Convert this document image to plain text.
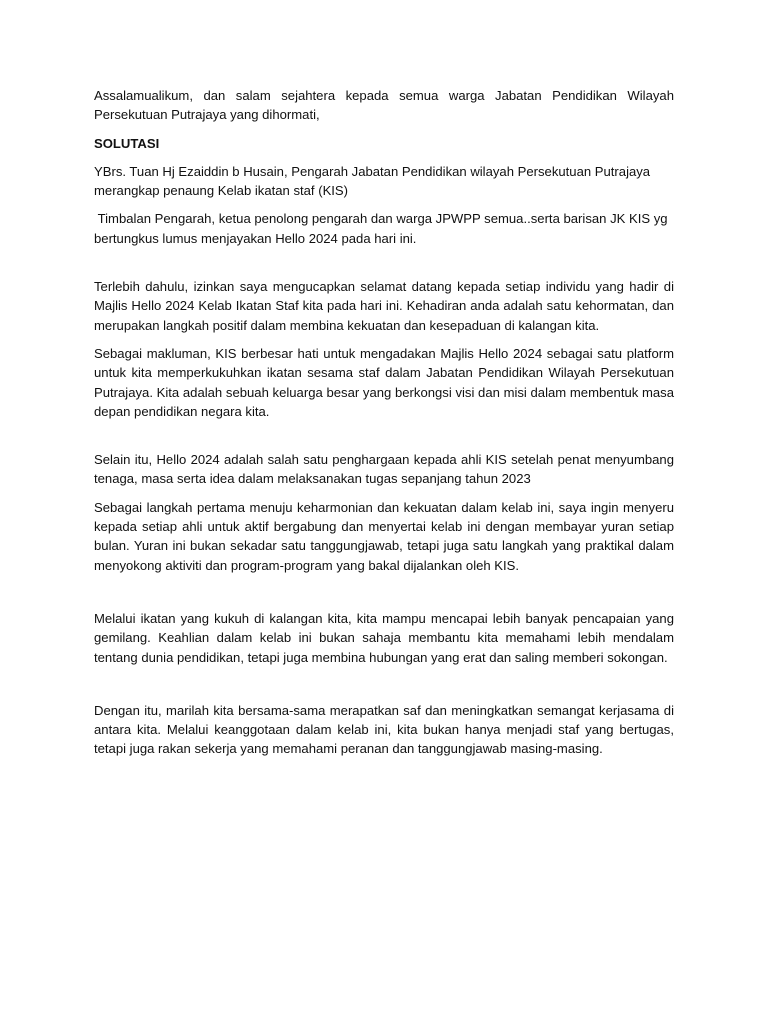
Assalamualikum, dan salam sejahtera kepada semua warga Jabatan Pendidikan Wilayah Persekutuan Putrajaya yang dihormati,

SOLUTASI

YBrs. Tuan Hj Ezaiddin b Husain, Pengarah Jabatan Pendidikan wilayah Persekutuan Putrajaya merangkap penaung Kelab ikatan staf (KIS)

Timbalan Pengarah, ketua penolong pengarah dan warga JPWPP semua..serta barisan JK KIS yg bertungkus lumus menjayakan Hello 2024 pada hari ini.

Terlebih dahulu, izinkan saya mengucapkan selamat datang kepada setiap individu yang hadir di Majlis Hello 2024 Kelab Ikatan Staf kita pada hari ini. Kehadiran anda adalah satu kehormatan, dan merupakan langkah positif dalam membina kekuatan dan kesepaduan di kalangan kita.

Sebagai makluman, KIS berbesar hati untuk mengadakan Majlis Hello 2024 sebagai satu platform untuk kita memperkukuhkan ikatan sesama staf dalam Jabatan Pendidikan Wilayah Persekutuan Putrajaya. Kita adalah sebuah keluarga besar yang berkongsi visi dan misi dalam membentuk masa depan pendidikan negara kita.

Selain itu, Hello 2024 adalah salah satu penghargaan kepada ahli KIS setelah penat menyumbang tenaga, masa serta idea dalam melaksanakan tugas sepanjang tahun 2023

Sebagai langkah pertama menuju keharmonian dan kekuatan dalam kelab ini, saya ingin menyeru kepada setiap ahli untuk aktif bergabung dan menyertai kelab ini dengan membayar yuran setiap bulan. Yuran ini bukan sekadar satu tanggungjawab, tetapi juga satu langkah yang praktikal dalam menyokong aktiviti dan program-program yang bakal dijalankan oleh KIS.

Melalui ikatan yang kukuh di kalangan kita, kita mampu mencapai lebih banyak pencapaian yang gemilang. Keahlian dalam kelab ini bukan sahaja membantu kita memahami lebih mendalam tentang dunia pendidikan, tetapi juga membina hubungan yang erat dan saling memberi sokongan.

Dengan itu, marilah kita bersama-sama merapatkan saf dan meningkatkan semangat kerjasama di antara kita. Melalui keanggotaan dalam kelab ini, kita bukan hanya menjadi staf yang bertugas, tetapi juga rakan sekerja yang memahami peranan dan tanggungjawab masing-masing.
